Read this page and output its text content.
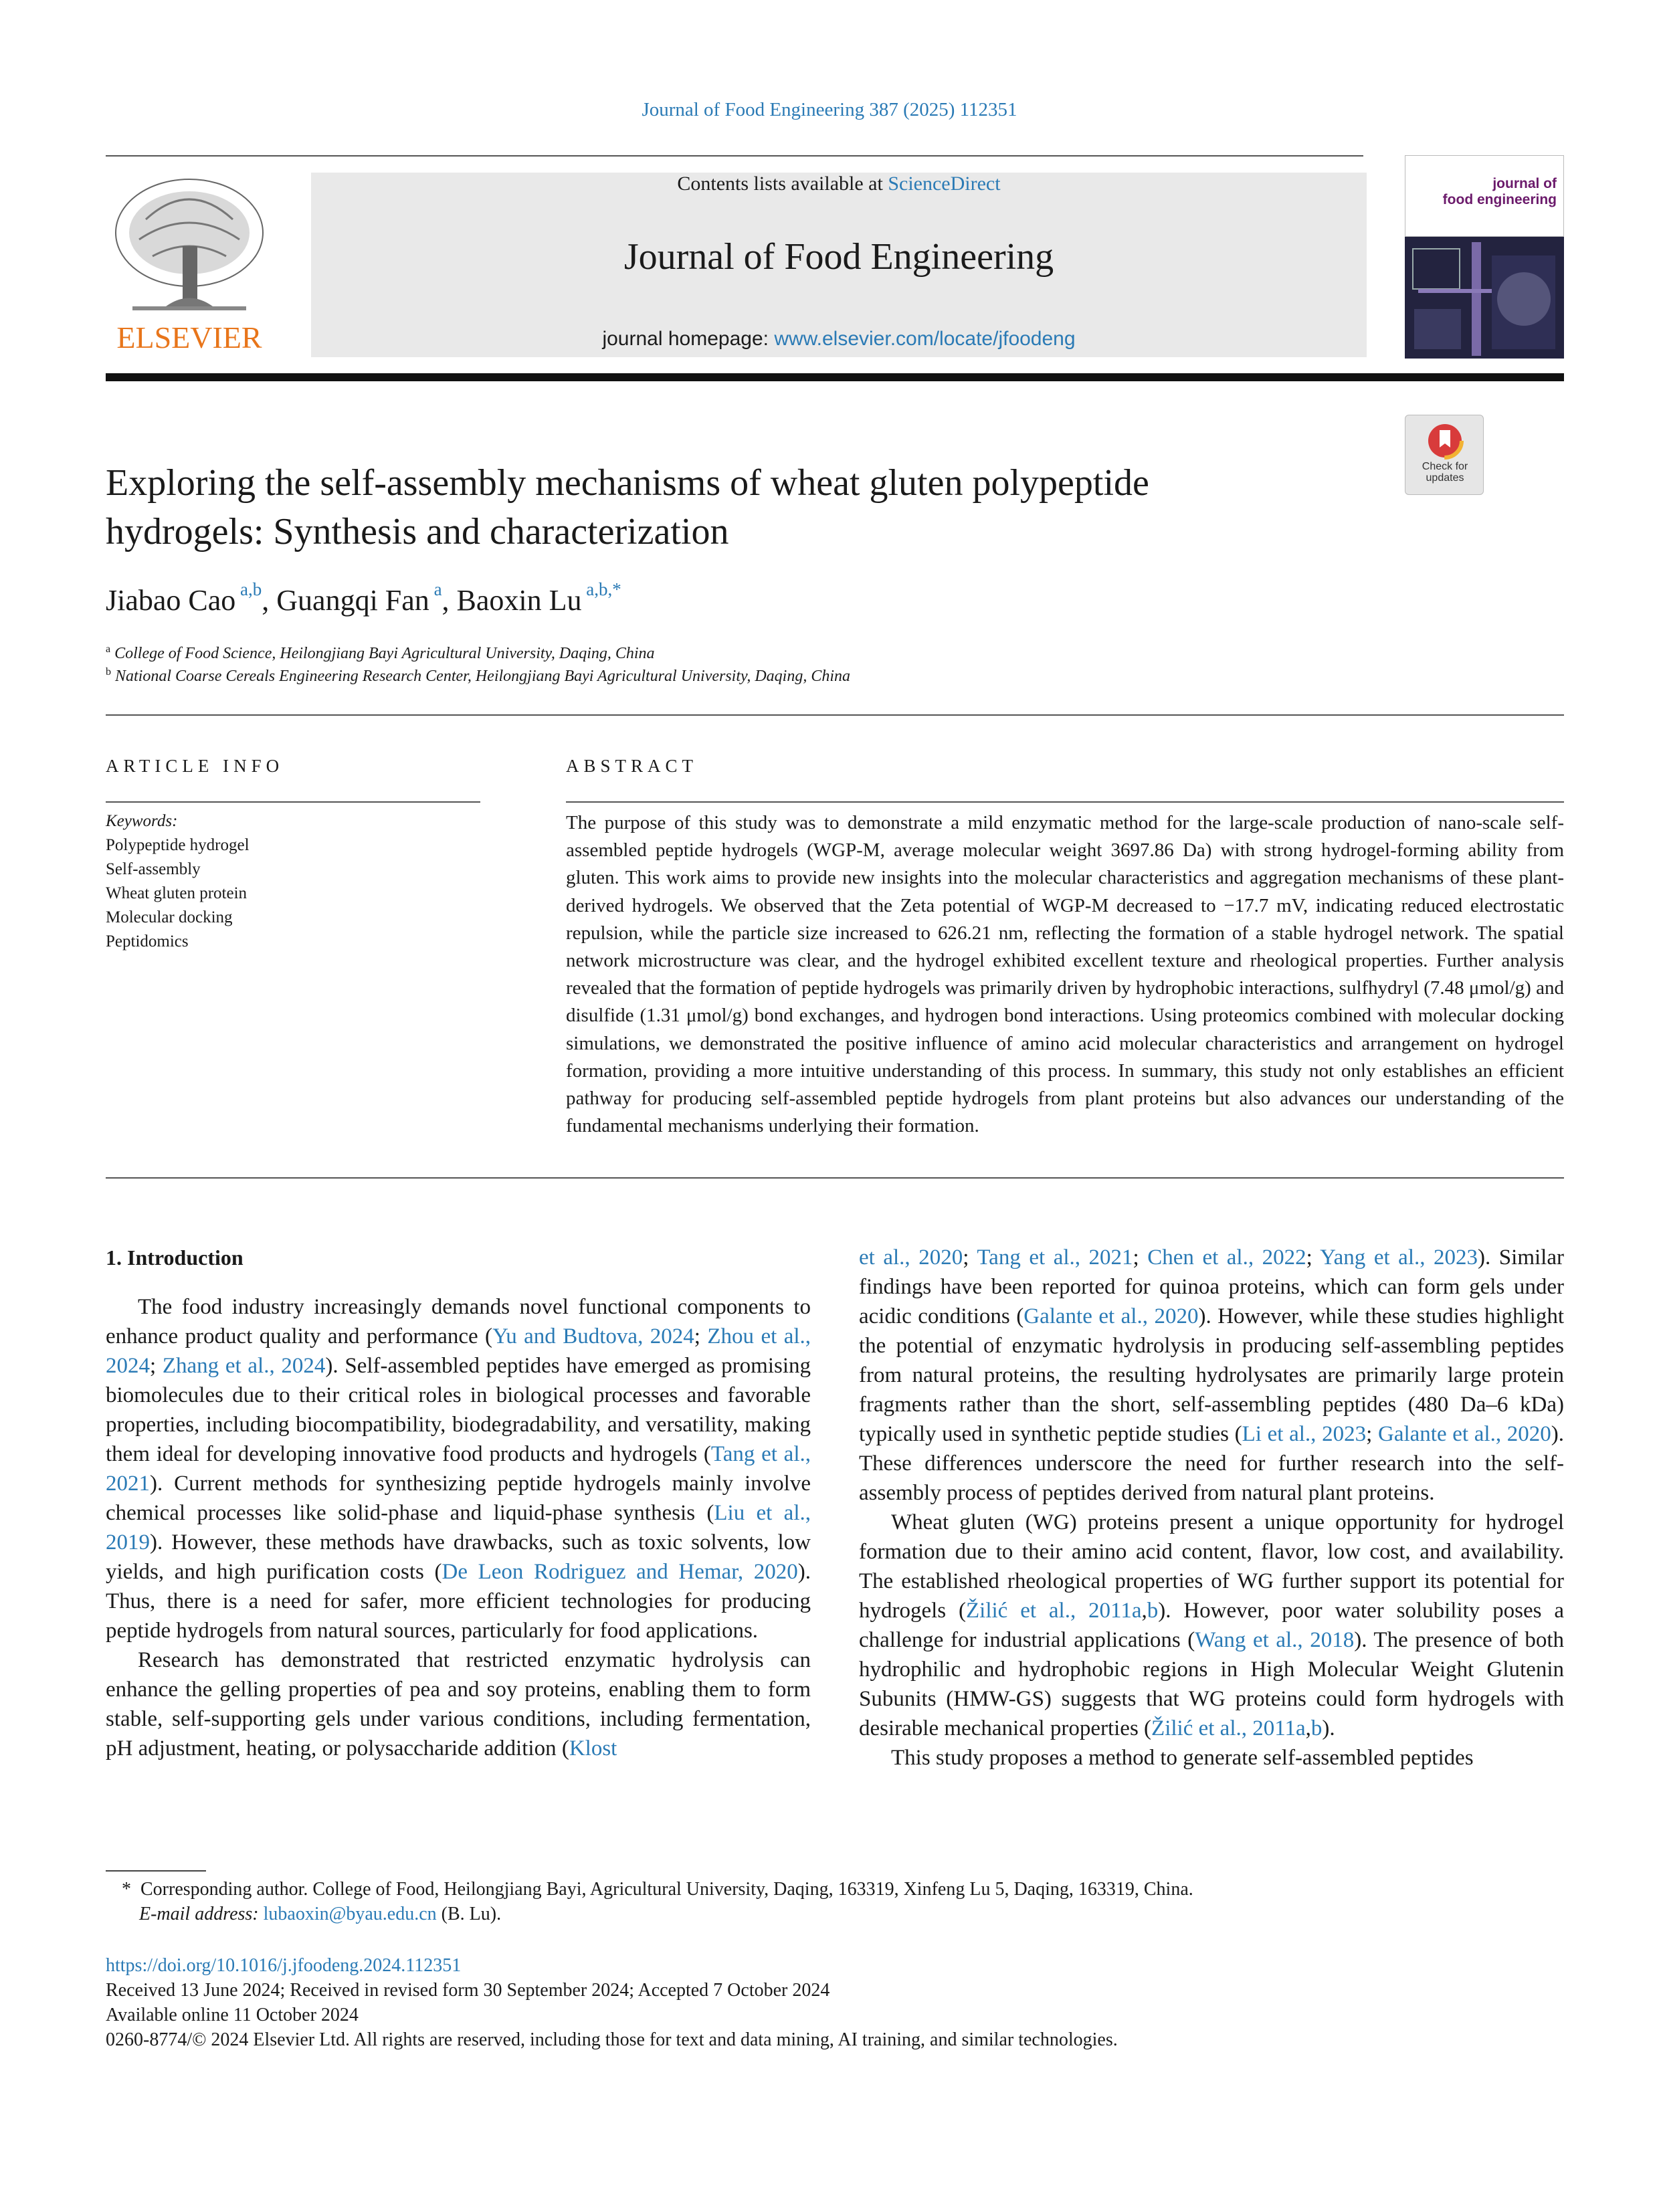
Journal of Food Engineering 387 (2025) 112351
ELSEVIER
Contents lists available at ScienceDirect
Journal of Food Engineering
journal homepage: www.elsevier.com/locate/jfoodeng
journal of
food engineering
Check for
updates
Exploring the self-assembly mechanisms of wheat gluten polypeptide
hydrogels: Synthesis and characterization
Jiabao Cao $^{a,b}$, Guangqi Fan $^a$, Baoxin Lu $^{a,b,*}$
$^a$ College of Food Science, Heilongjiang Bayi Agricultural University, Daqing, China
$^b$ National Coarse Cereals Engineering Research Center, Heilongjiang Bayi Agricultural University, Daqing, China
ARTICLE INFO	ABSTRACT
Keywords:
Polypeptide hydrogel
Self-assembly
Wheat gluten protein
Molecular docking
Peptidomics
The purpose of this study was to demonstrate a mild enzymatic method for the large-scale production of nano-scale self-assembled peptide hydrogels (WGP-M, average molecular weight 3697.86 Da) with strong hydrogel-forming ability from gluten. This work aims to provide new insights into the molecular characteristics and aggregation mechanisms of these plant-derived hydrogels. We observed that the Zeta potential of WGP-M decreased to −17.7 mV, indicating reduced electrostatic repulsion, while the particle size increased to 626.21 nm, reflecting the formation of a stable hydrogel network. The spatial network microstructure was clear, and the hydrogel exhibited excellent texture and rheological properties. Further analysis revealed that the formation of peptide hydrogels was primarily driven by hydrophobic interactions, sulfhydryl (7.48 μmol/g) and disulfide (1.31 μmol/g) bond exchanges, and hydrogen bond interactions. Using proteomics combined with molecular docking simulations, we demonstrated the positive influence of amino acid molecular characteristics and arrangement on hydrogel formation, providing a more intuitive understanding of this process. In summary, this study not only establishes an efficient pathway for producing self-assembled peptide hydrogels from plant proteins but also advances our understanding of the fundamental mechanisms underlying their formation.

1. Introduction

The food industry increasingly demands novel functional components to enhance product quality and performance (Yu and Budtova, 2024; Zhou et al., 2024; Zhang et al., 2024). Self-assembled peptides have emerged as promising biomolecules due to their critical roles in biological processes and favorable properties, including biocompatibility, biodegradability, and versatility, making them ideal for developing innovative food products and hydrogels (Tang et al., 2021). Current methods for synthesizing peptide hydrogels mainly involve chemical processes like solid-phase and liquid-phase synthesis (Liu et al., 2019). However, these methods have drawbacks, such as toxic solvents, low yields, and high purification costs (De Leon Rodriguez and Hemar, 2020). Thus, there is a need for safer, more efficient technologies for producing peptide hydrogels from natural sources, particularly for food applications.

Research has demonstrated that restricted enzymatic hydrolysis can enhance the gelling properties of pea and soy proteins, enabling them to form stable, self-supporting gels under various conditions, including fermentation, pH adjustment, heating, or polysaccharide addition (Klost

et al., 2020; Tang et al., 2021; Chen et al., 2022; Yang et al., 2023). Similar findings have been reported for quinoa proteins, which can form gels under acidic conditions (Galante et al., 2020). However, while these studies highlight the potential of enzymatic hydrolysis in producing self-assembling peptides from natural proteins, the resulting hydrolysates are primarily large protein fragments rather than the short, self-assembling peptides (480 Da–6 kDa) typically used in synthetic peptide studies (Li et al., 2023; Galante et al., 2020). These differences underscore the need for further research into the self-assembly process of peptides derived from natural plant proteins.

Wheat gluten (WG) proteins present a unique opportunity for hydrogel formation due to their amino acid content, flavor, low cost, and availability. The established rheological properties of WG further support its potential for hydrogels (Žilić et al., 2011a,b). However, poor water solubility poses a challenge for industrial applications (Wang et al., 2018). The presence of both hydrophilic and hydrophobic regions in High Molecular Weight Glutenin Subunits (HMW-GS) suggests that WG proteins could form hydrogels with desirable mechanical properties (Žilić et al., 2011a,b).

This study proposes a method to generate self-assembled peptides

* Corresponding author. College of Food, Heilongjiang Bayi, Agricultural University, Daqing, 163319, Xinfeng Lu 5, Daqing, 163319, China.
E-mail address: lubaoxin@byau.edu.cn (B. Lu).
https://doi.org/10.1016/j.jfoodeng.2024.112351
Received 13 June 2024; Received in revised form 30 September 2024; Accepted 7 October 2024
Available online 11 October 2024
0260-8774/© 2024 Elsevier Ltd. All rights are reserved, including those for text and data mining, AI training, and similar technologies.
